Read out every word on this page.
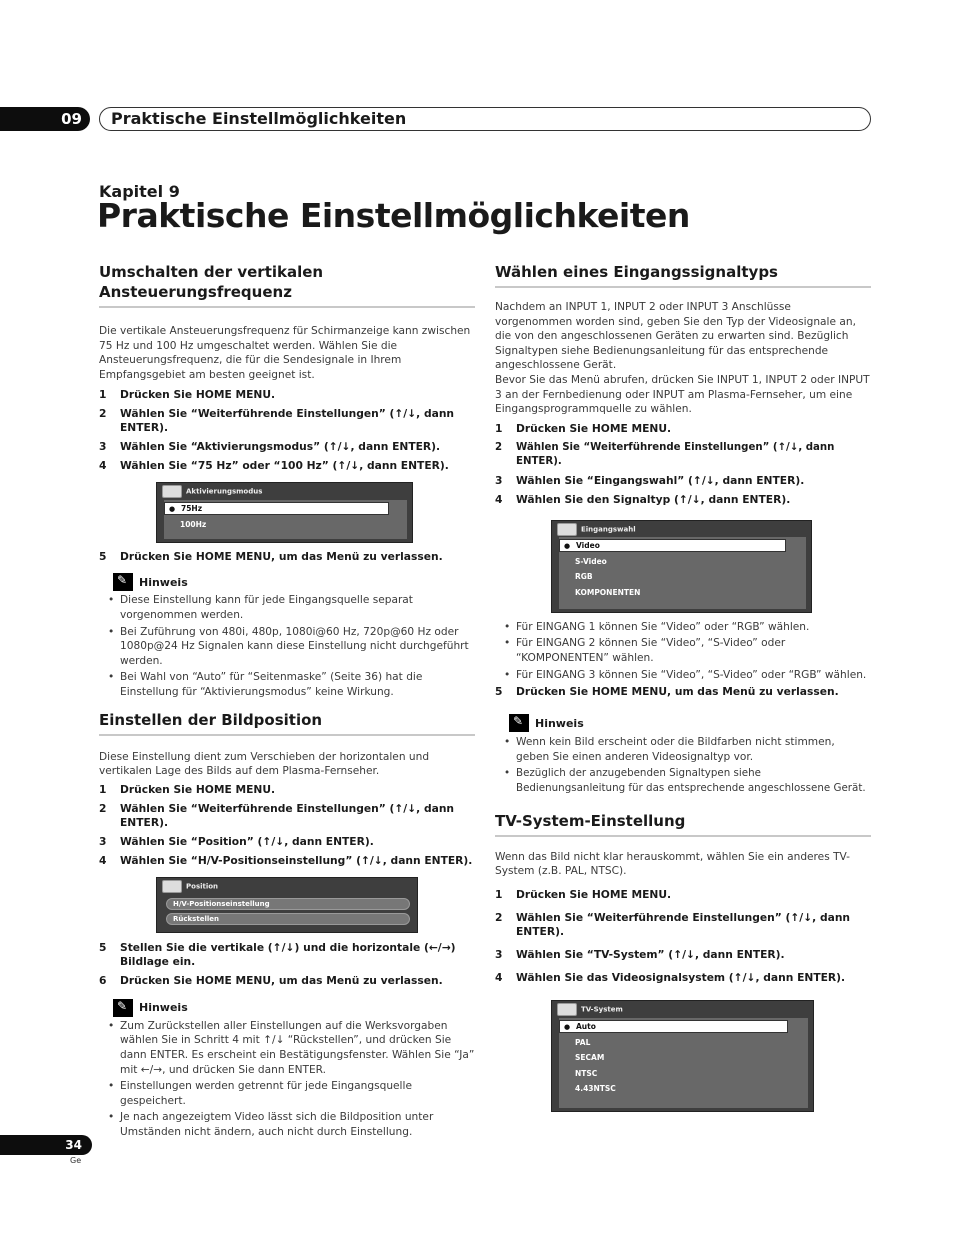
09	Praktische Einstellmöglichkeiten
Kapitel 9
Praktische Einstellmöglichkeiten
Umschalten der vertikalen Ansteuerungsfrequenz
Die vertikale Ansteuerungsfrequenz für Schirmanzeige kann zwischen 75 Hz und 100 Hz umgeschaltet werden. Wählen Sie die Ansteuerungsfrequenz, die für die Sendesignale in Ihrem Empfangsgebiet am besten geeignet ist.
1	Drücken Sie HOME MENU.
2	Wählen Sie “Weiterführende Einstellungen” (↑/↓, dann ENTER).
3	Wählen Sie “Aktivierungsmodus” (↑/↓, dann ENTER).
4	Wählen Sie “75 Hz” oder “100 Hz” (↑/↓, dann ENTER).
Aktivierungsmodus
● 75Hz
100Hz
5	Drücken Sie HOME MENU, um das Menü zu verlassen.
✎
Hinweis
• Diese Einstellung kann für jede Eingangsquelle separat vorgenommen werden.
• Bei Zuführung von 480i, 480p, 1080i@60 Hz, 720p@60 Hz oder 1080p@24 Hz Signalen kann diese Einstellung nicht durchgeführt werden.
• Bei Wahl von “Auto” für “Seitenmaske” (Seite 36) hat die Einstellung für “Aktivierungsmodus” keine Wirkung.
Einstellen der Bildposition
Diese Einstellung dient zum Verschieben der horizontalen und vertikalen Lage des Bilds auf dem Plasma-Fernseher.
1	Drücken Sie HOME MENU.
2	Wählen Sie “Weiterführende Einstellungen” (↑/↓, dann ENTER).
3	Wählen Sie “Position” (↑/↓, dann ENTER).
4	Wählen Sie “H/V-Positionseinstellung” (↑/↓, dann ENTER).
Position
H/V-Positionseinstellung
Rückstellen
5	Stellen Sie die vertikale (↑/↓) und die horizontale (←/→) Bildlage ein.
6	Drücken Sie HOME MENU, um das Menü zu verlassen.
✎
Hinweis
• Zum Zurückstellen aller Einstellungen auf die Werksvorgaben wählen Sie in Schritt 4 mit ↑/↓ “Rückstellen”, und drücken Sie dann ENTER. Es erscheint ein Bestätigungsfenster. Wählen Sie “Ja” mit ←/→, und drücken Sie dann ENTER.
• Einstellungen werden getrennt für jede Eingangsquelle gespeichert.
• Je nach angezeigtem Video lässt sich die Bildposition unter Umständen nicht ändern, auch nicht durch Einstellung.
Wählen eines Eingangssignaltyps
Nachdem an INPUT 1, INPUT 2 oder INPUT 3 Anschlüsse vorgenommen worden sind, geben Sie den Typ der Videosignale an, die von den angeschlossenen Geräten zu erwarten sind. Bezüglich Signaltypen siehe Bedienungsanleitung für das entsprechende angeschlossene Gerät.
Bevor Sie das Menü abrufen, drücken Sie INPUT 1, INPUT 2 oder INPUT 3 an der Fernbedienung oder INPUT am Plasma-Fernseher, um eine Eingangsprogrammquelle zu wählen.
1	Drücken Sie HOME MENU.
2	Wählen Sie “Weiterführende Einstellungen” (↑/↓, dann ENTER).
3	Wählen Sie “Eingangswahl” (↑/↓, dann ENTER).
4	Wählen Sie den Signaltyp (↑/↓, dann ENTER).
Eingangswahl
● Video
S-Video
RGB
KOMPONENTEN
• Für EINGANG 1 können Sie “Video” oder “RGB” wählen.
• Für EINGANG 2 können Sie “Video”, “S-Video” oder “KOMPONENTEN” wählen.
• Für EINGANG 3 können Sie “Video”, “S-Video” oder “RGB” wählen.
5	Drücken Sie HOME MENU, um das Menü zu verlassen.
✎
Hinweis
• Wenn kein Bild erscheint oder die Bildfarben nicht stimmen, geben Sie einen anderen Videosignaltyp vor.
• Bezüglich der anzugebenden Signaltypen siehe Bedienungsanleitung für das entsprechende angeschlossene Gerät.
TV-System-Einstellung
Wenn das Bild nicht klar herauskommt, wählen Sie ein anderes TV-System (z.B. PAL, NTSC).
1	Drücken Sie HOME MENU.
2	Wählen Sie “Weiterführende Einstellungen” (↑/↓, dann ENTER).
3	Wählen Sie “TV-System” (↑/↓, dann ENTER).
4	Wählen Sie das Videosignalsystem (↑/↓, dann ENTER).
TV-System
● Auto
PAL
SECAM
NTSC
4.43NTSC
34
Ge
